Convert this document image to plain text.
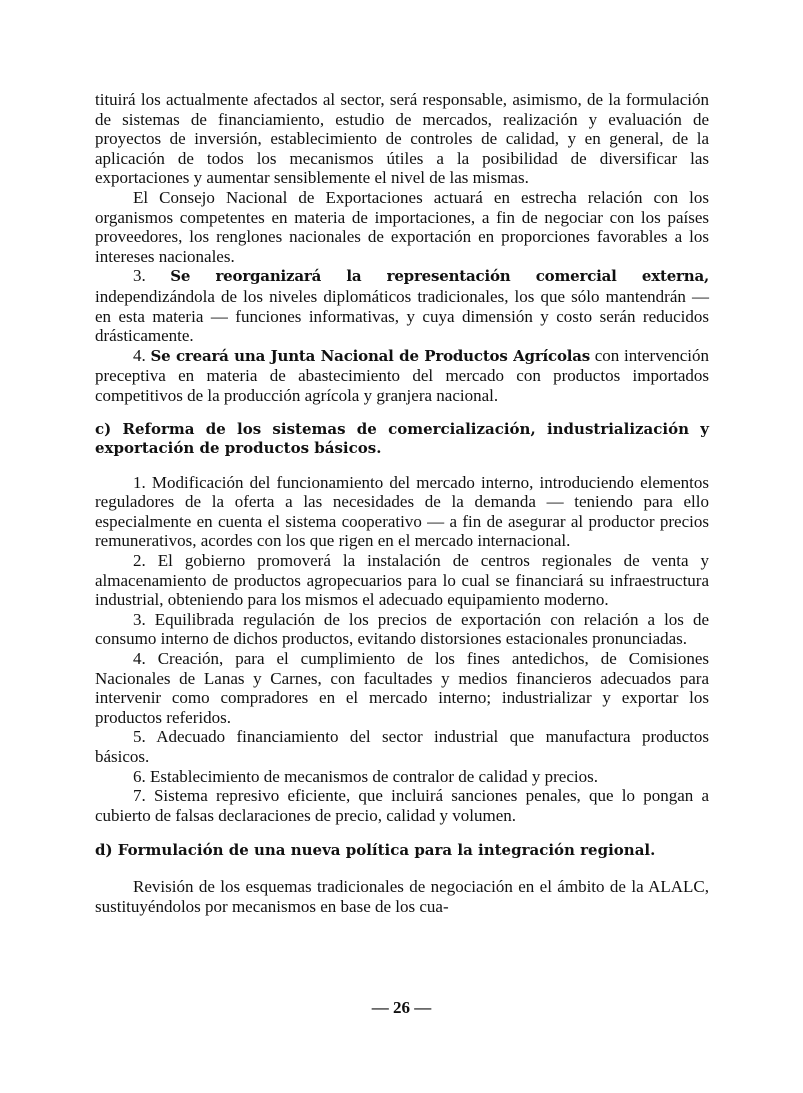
tituirá los actualmente afectados al sector, será responsable, asimismo, de la formulación de sistemas de financiamiento, estudio de mercados, realización y evaluación de proyectos de inversión, establecimiento de controles de calidad, y en general, de la aplicación de todos los mecanismos útiles a la posibilidad de diversificar las exportaciones y aumentar sensiblemente el nivel de las mismas.

El Consejo Nacional de Exportaciones actuará en estrecha relación con los organismos competentes en materia de importaciones, a fin de negociar con los países proveedores, los renglones nacionales de exportación en proporciones favorables a los intereses nacionales.

3. Se reorganizará la representación comercial externa, independizándola de los niveles diplomáticos tradicionales, los que sólo mantendrán — en esta materia — funciones informativas, y cuya dimensión y costo serán reducidos drásticamente.

4. Se creará una Junta Nacional de Productos Agrícolas con intervención preceptiva en materia de abastecimiento del mercado con productos importados competitivos de la producción agrícola y granjera nacional.

c) Reforma de los sistemas de comercialización, industrialización y exportación de productos básicos.

1. Modificación del funcionamiento del mercado interno, introduciendo elementos reguladores de la oferta a las necesidades de la demanda — teniendo para ello especialmente en cuenta el sistema cooperativo — a fin de asegurar al productor precios remunerativos, acordes con los que rigen en el mercado internacional.

2. El gobierno promoverá la instalación de centros regionales de venta y almacenamiento de productos agropecuarios para lo cual se financiará su infraestructura industrial, obteniendo para los mismos el adecuado equipamiento moderno.

3. Equilibrada regulación de los precios de exportación con relación a los de consumo interno de dichos productos, evitando distorsiones estacionales pronunciadas.

4. Creación, para el cumplimiento de los fines antedichos, de Comisiones Nacionales de Lanas y Carnes, con facultades y medios financieros adecuados para intervenir como compradores en el mercado interno; industrializar y exportar los productos referidos.

5. Adecuado financiamiento del sector industrial que manufactura productos básicos.

6. Establecimiento de mecanismos de contralor de calidad y precios.

7. Sistema represivo eficiente, que incluirá sanciones penales, que lo pongan a cubierto de falsas declaraciones de precio, calidad y volumen.

d) Formulación de una nueva política para la integración regional.

Revisión de los esquemas tradicionales de negociación en el ámbito de la ALALC, sustituyéndolos por mecanismos en base de los cua-

— 26 —
